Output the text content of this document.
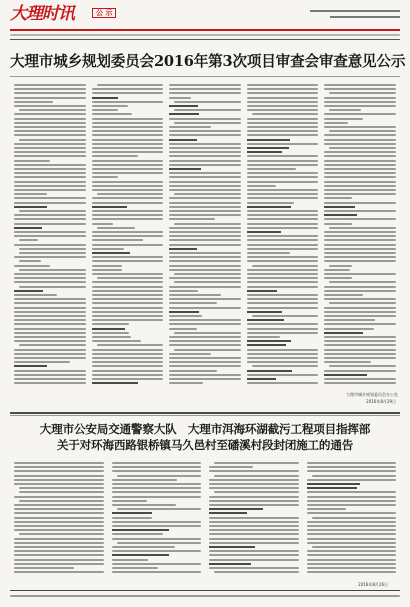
大理时讯	公 示
大理市城乡规划委员会2016年第3次项目审查会审查意见公示
大理市城乡规划委员会办公室
2016年8月29日
大理市公安局交通警察大队　大理市洱海环湖截污工程项目指挥部
关于对环海西路银桥镇马久邑村至磻溪村段封闭施工的通告
2016年8月26日
